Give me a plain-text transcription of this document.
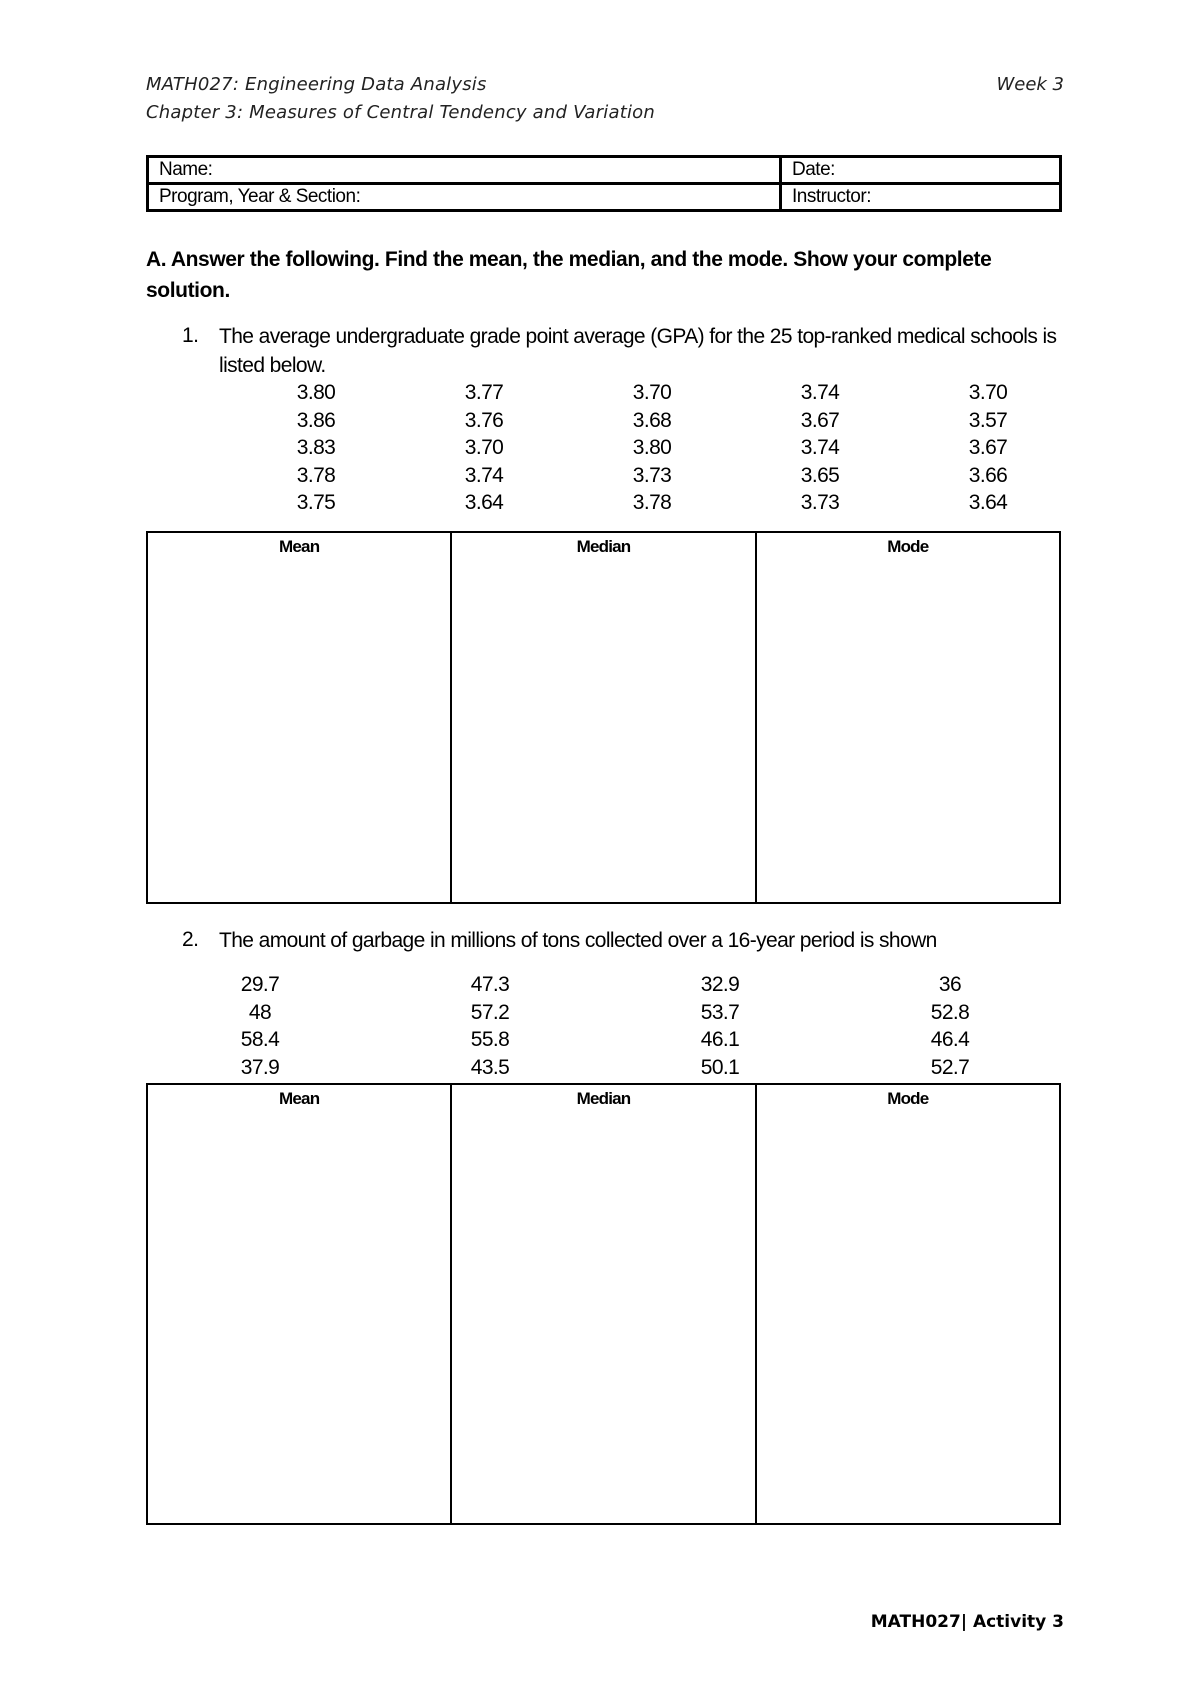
MATH027: Engineering Data Analysis
Chapter 3: Measures of Central Tendency and Variation
Week 3
Name:	Date:
Program, Year & Section:	Instructor:
A. Answer the following. Find the mean, the median, and the mode. Show your complete solution.
1. The average undergraduate grade point average (GPA) for the 25 top-ranked medical schools is listed below.
3.80	3.77	3.70	3.74	3.70
3.86	3.76	3.68	3.67	3.57
3.83	3.70	3.80	3.74	3.67
3.78	3.74	3.73	3.65	3.66
3.75	3.64	3.78	3.73	3.64
Mean	Median	Mode
2. The amount of garbage in millions of tons collected over a 16-year period is shown
29.7	47.3	32.9	36
48	57.2	53.7	52.8
58.4	55.8	46.1	46.4
37.9	43.5	50.1	52.7
Mean	Median	Mode
MATH027| Activity 3
